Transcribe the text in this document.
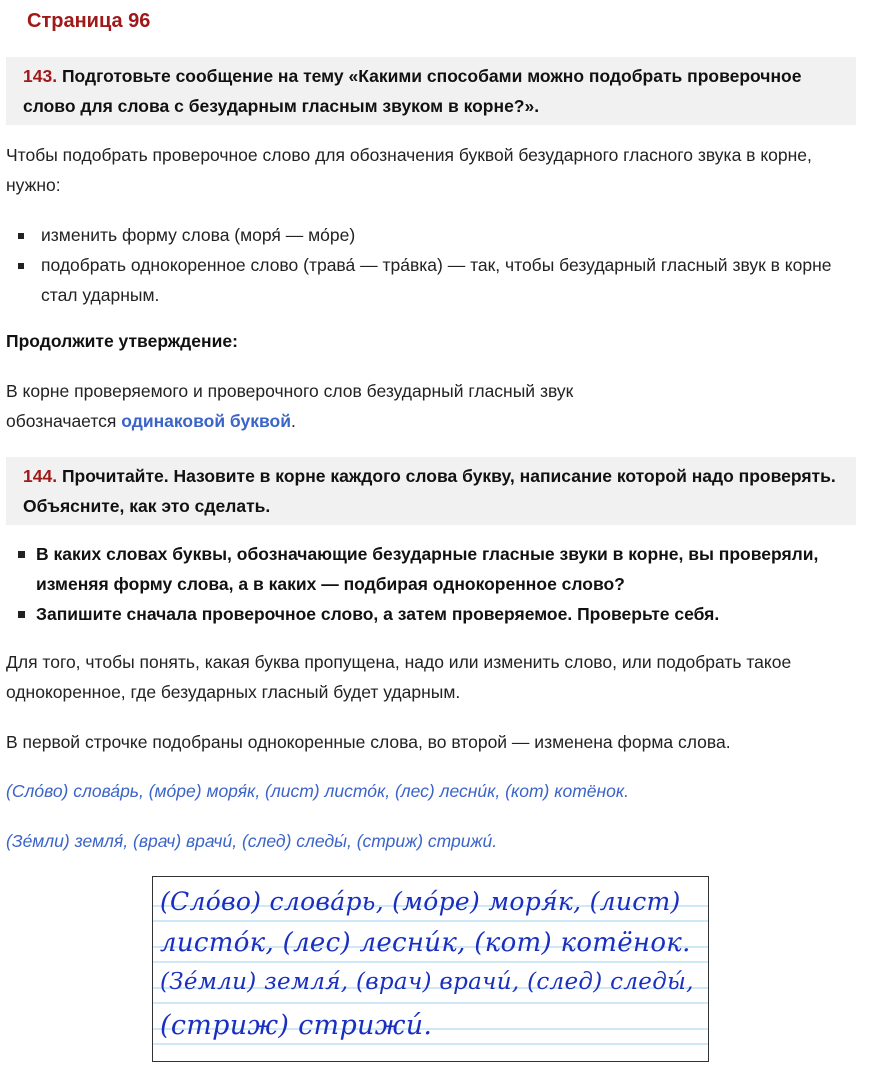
Страница 96
143. Подготовьте сообщение на тему «Какими способами можно подобрать проверочное слово для слова с безударным гласным звуком в корне?».
Чтобы подобрать проверочное слово для обозначения буквой безударного гласного звука в корне, нужно:
изменить форму слова (моря́ — мо́ре)
подобрать однокоренное слово (трава́ — тра́вка) — так, чтобы безударный гласный звук в корне стал ударным.
Продолжите утверждение:
В корне проверяемого и проверочного слов безударный гласный звук обозначается одинаковой буквой.
144. Прочитайте. Назовите в корне каждого слова букву, написание которой надо проверять. Объясните, как это сделать.
В каких словах буквы, обозначающие безударные гласные звуки в корне, вы проверяли, изменяя форму слова, а в каких — подбирая однокоренное слово?
Запишите сначала проверочное слово, а затем проверяемое. Проверьте себя.
Для того, чтобы понять, какая буква пропущена, надо или изменить слово, или подобрать такое однокоренное, где безударных гласный будет ударным.
В первой строчке подобраны однокоренные слова, во второй — изменена форма слова.
(Сло́во) слова́рь, (мо́ре) моря́к, (лист) листо́к, (лес) лесни́к, (кот) котёнок.
(Зе́мли) земля́, (врач) врачи́, (след) следы́, (стриж) стрижи́.
(Сло́во) слова́рь, (мо́ре) моря́к, (лист)
листо́к, (лес) лесни́к, (кот) котёнок.
(Зе́мли) земля́, (врач) врачи́, (след) следы́,
(стриж) стрижи́.
